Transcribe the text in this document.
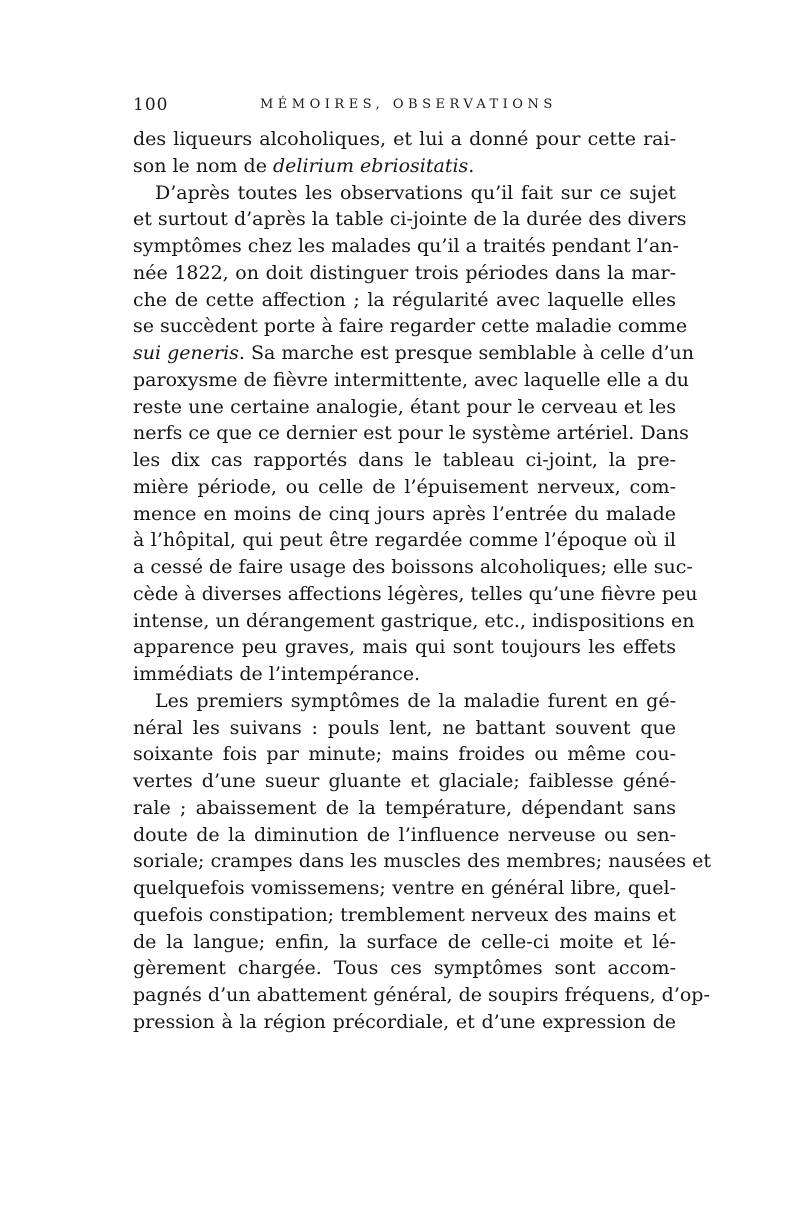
100	MÉMOIRES, OBSERVATIONS
des liqueurs alcoholiques, et lui a donné pour cette rai-
son le nom de delirium ebriositatis.
D’après toutes les observations qu’il fait sur ce sujet
et surtout d’après la table ci-jointe de la durée des divers
symptômes chez les malades qu’il a traités pendant l’an-
née 1822, on doit distinguer trois périodes dans la mar-
che de cette affection ; la régularité avec laquelle elles
se succèdent porte à faire regarder cette maladie comme
sui generis. Sa marche est presque semblable à celle d’un
paroxysme de fièvre intermittente, avec laquelle elle a du
reste une certaine analogie, étant pour le cerveau et les
nerfs ce que ce dernier est pour le système artériel. Dans
les dix cas rapportés dans le tableau ci-joint, la pre-
mière période, ou celle de l’épuisement nerveux, com-
mence en moins de cinq jours après l’entrée du malade
à l’hôpital, qui peut être regardée comme l’époque où il
a cessé de faire usage des boissons alcoholiques; elle suc-
cède à diverses affections légères, telles qu’une fièvre peu
intense, un dérangement gastrique, etc., indispositions en
apparence peu graves, mais qui sont toujours les effets
immédiats de l’intempérance.
Les premiers symptômes de la maladie furent en gé-
néral les suivans : pouls lent, ne battant souvent que
soixante fois par minute; mains froides ou même cou-
vertes d’une sueur gluante et glaciale; faiblesse géné-
rale ; abaissement de la température, dépendant sans
doute de la diminution de l’influence nerveuse ou sen-
soriale; crampes dans les muscles des membres; nausées et
quelquefois vomissemens; ventre en général libre, quel-
quefois constipation; tremblement nerveux des mains et
de la langue; enfin, la surface de celle-ci moite et lé-
gèrement chargée. Tous ces symptômes sont accom-
pagnés d’un abattement général, de soupirs fréquens, d’op-
pression à la région précordiale, et d’une expression de
